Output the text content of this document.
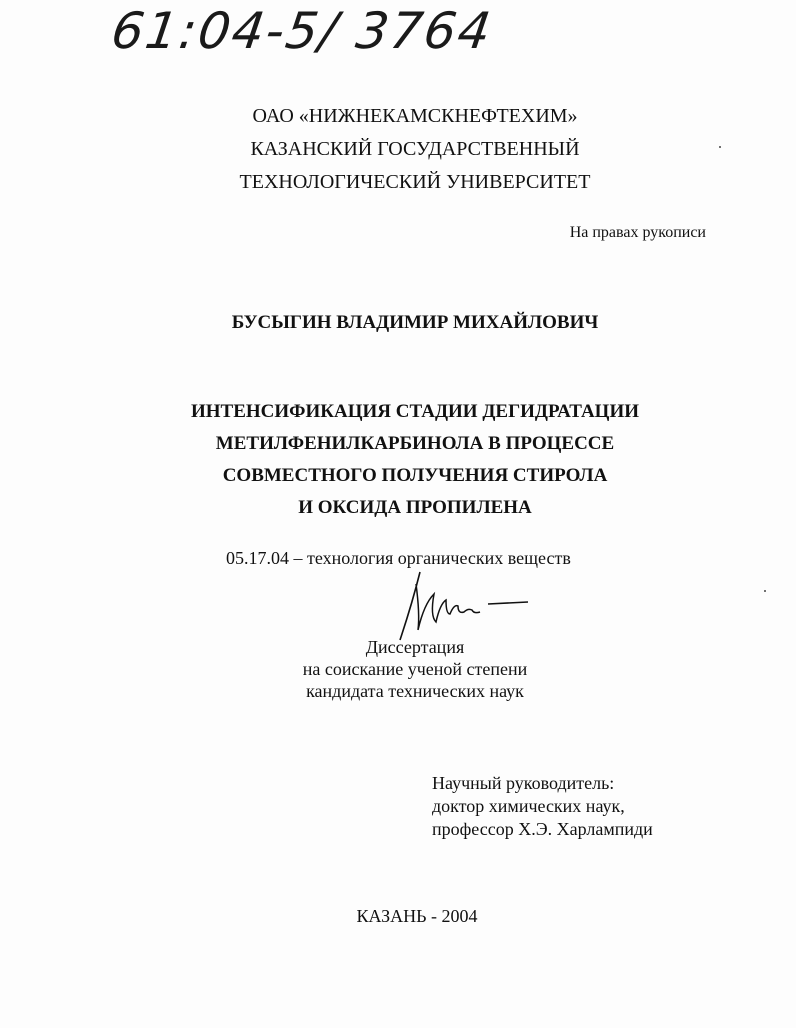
61:04-5/ 3764
ОАО «НИЖНЕКАМСКНЕФТЕХИМ»
КАЗАНСКИЙ ГОСУДАРСТВЕННЫЙ
ТЕХНОЛОГИЧЕСКИЙ УНИВЕРСИТЕТ
На правах рукописи
БУСЫГИН ВЛАДИМИР МИХАЙЛОВИЧ
ИНТЕНСИФИКАЦИЯ СТАДИИ ДЕГИДРАТАЦИИ
МЕТИЛФЕНИЛКАРБИНОЛА В ПРОЦЕССЕ
СОВМЕСТНОГО ПОЛУЧЕНИЯ СТИРОЛА
И ОКСИДА ПРОПИЛЕНА
05.17.04 – технология органических веществ
Диссертация
на соискание ученой степени
кандидата технических наук
Научный руководитель:
доктор химических наук,
профессор Х.Э. Харлампиди
КАЗАНЬ - 2004
